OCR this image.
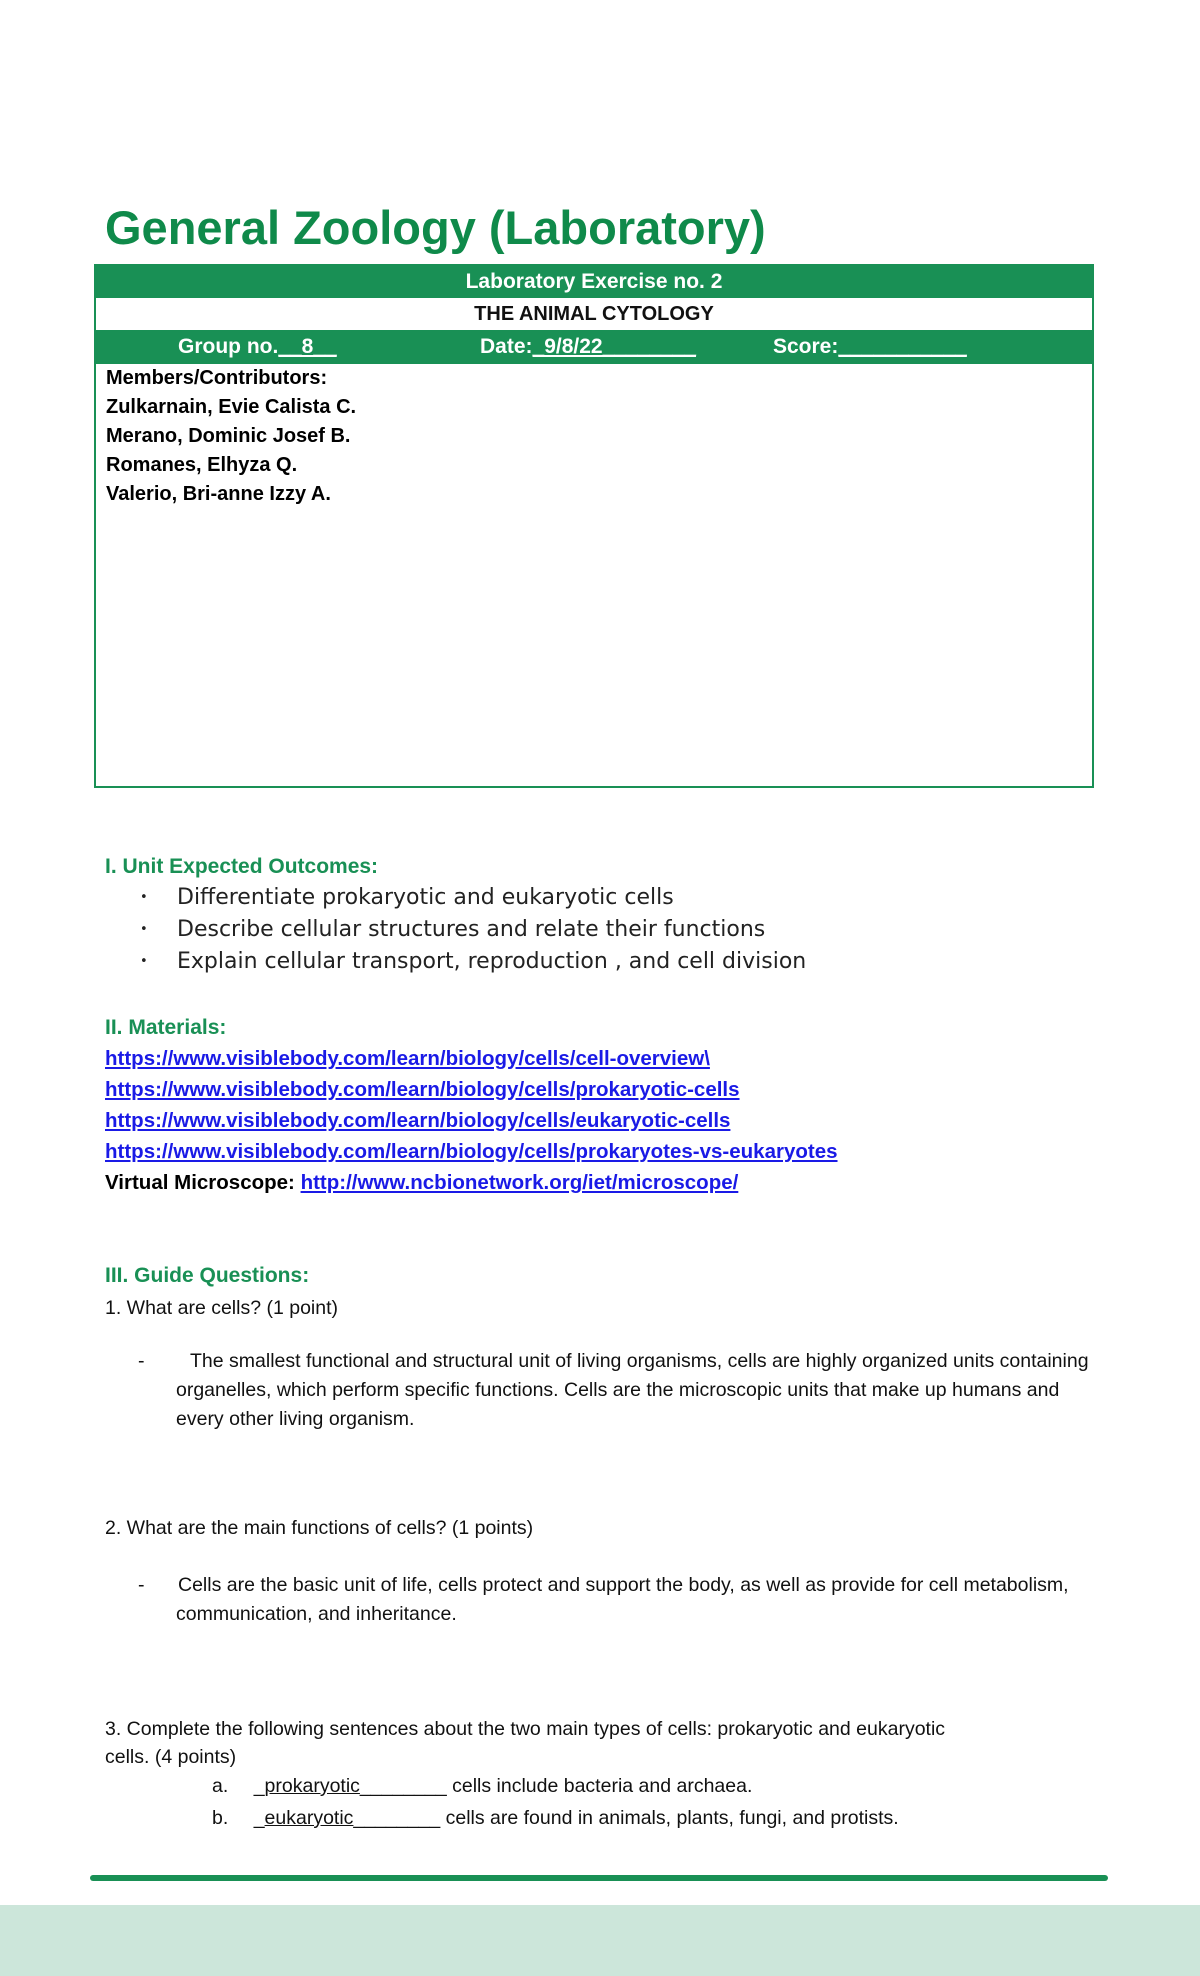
General Zoology (Laboratory)
Laboratory Exercise no. 2
THE ANIMAL CYTOLOGY
Group no.__8__	Date:_9/8/22________	Score:___________
Members/Contributors:
Zulkarnain, Evie Calista C.
Merano, Dominic Josef B.
Romanes, Elhyza Q.
Valerio, Bri-anne Izzy A.
I. Unit Expected Outcomes:
• Differentiate prokaryotic and eukaryotic cells
• Describe cellular structures and relate their functions
• Explain cellular transport, reproduction , and cell division
II. Materials:
https://www.visiblebody.com/learn/biology/cells/cell-overview\
https://www.visiblebody.com/learn/biology/cells/prokaryotic-cells
https://www.visiblebody.com/learn/biology/cells/eukaryotic-cells
https://www.visiblebody.com/learn/biology/cells/prokaryotes-vs-eukaryotes
Virtual Microscope: http://www.ncbionetwork.org/iet/microscope/
III. Guide Questions:
1. What are cells? (1 point)
-	The smallest functional and structural unit of living organisms, cells are highly organized units containing organelles, which perform specific functions. Cells are the microscopic units that make up humans and every other living organism.
2. What are the main functions of cells? (1 points)
-	Cells are the basic unit of life, cells protect and support the body, as well as provide for cell metabolism, communication, and inheritance.
3. Complete the following sentences about the two main types of cells: prokaryotic and eukaryotic
cells. (4 points)
a. _prokaryotic________ cells include bacteria and archaea.
b. _eukaryotic________ cells are found in animals, plants, fungi, and protists.
